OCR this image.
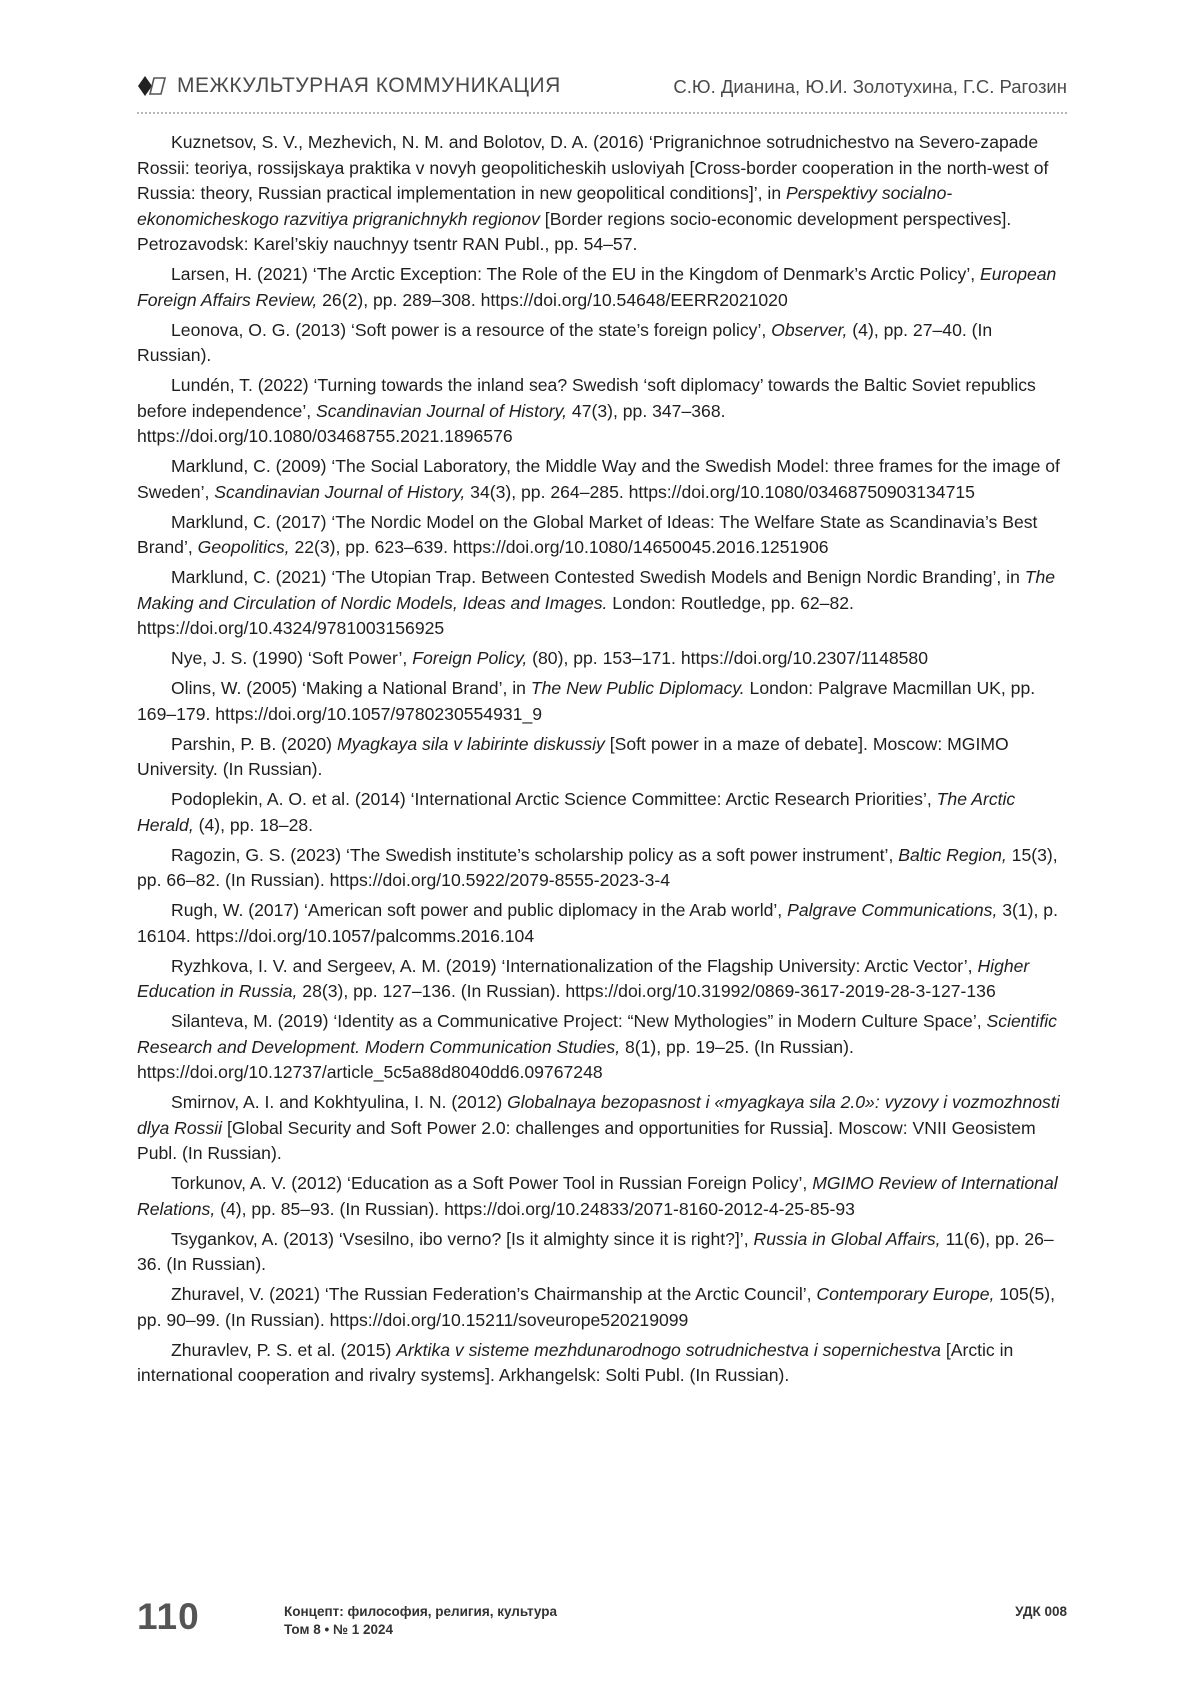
МЕЖКУЛЬТУРНАЯ КОММУНИКАЦИЯ	С.Ю. Дианина, Ю.И. Золотухина, Г.С. Рагозин

Kuznetsov, S. V., Mezhevich, N. M. and Bolotov, D. A. (2016) ‘Prigranichnoe sotrudnichestvo na Severo-zapade Rossii: teoriya, rossijskaya praktika v novyh geopoliticheskih usloviyah [Cross-border cooperation in the north-west of Russia: theory, Russian practical implementation in new geopolitical conditions]’, in Perspektivy socialno-ekonomicheskogo razvitiya prigranichnykh regionov [Border regions socio-economic development perspectives]. Petrozavodsk: Karel’skiy nauchnyy tsentr RAN Publ., pp. 54–57.

Larsen, H. (2021) ‘The Arctic Exception: The Role of the EU in the Kingdom of Denmark’s Arctic Policy’, European Foreign Affairs Review, 26(2), pp. 289–308. https://doi.org/10.54648/EERR2021020

Leonova, O. G. (2013) ‘Soft power is a resource of the state’s foreign policy’, Observer, (4), pp. 27–40. (In Russian).

Lundén, T. (2022) ‘Turning towards the inland sea? Swedish ‘soft diplomacy’ towards the Baltic Soviet republics before independence’, Scandinavian Journal of History, 47(3), pp. 347–368. https://doi.org/10.1080/03468755.2021.1896576

Marklund, C. (2009) ‘The Social Laboratory, the Middle Way and the Swedish Model: three frames for the image of Sweden’, Scandinavian Journal of History, 34(3), pp. 264–285. https://doi.org/10.1080/03468750903134715

Marklund, C. (2017) ‘The Nordic Model on the Global Market of Ideas: The Welfare State as Scandinavia’s Best Brand’, Geopolitics, 22(3), pp. 623–639. https://doi.org/10.1080/14650045.2016.1251906

Marklund, C. (2021) ‘The Utopian Trap. Between Contested Swedish Models and Benign Nordic Branding’, in The Making and Circulation of Nordic Models, Ideas and Images. London: Routledge, pp. 62–82. https://doi.org/10.4324/9781003156925

Nye, J. S. (1990) ‘Soft Power’, Foreign Policy, (80), pp. 153–171. https://doi.org/10.2307/1148580

Olins, W. (2005) ‘Making a National Brand’, in The New Public Diplomacy. London: Palgrave Macmillan UK, pp. 169–179. https://doi.org/10.1057/9780230554931_9

Parshin, P. B. (2020) Myagkaya sila v labirinte diskussiy [Soft power in a maze of debate]. Moscow: MGIMO University. (In Russian).

Podoplekin, A. O. et al. (2014) ‘International Arctic Science Committee: Arctic Research Priorities’, The Arctic Herald, (4), pp. 18–28.

Ragozin, G. S. (2023) ‘The Swedish institute’s scholarship policy as a soft power instrument’, Baltic Region, 15(3), pp. 66–82. (In Russian). https://doi.org/10.5922/2079-8555-2023-3-4

Rugh, W. (2017) ‘American soft power and public diplomacy in the Arab world’, Palgrave Communications, 3(1), p. 16104. https://doi.org/10.1057/palcomms.2016.104

Ryzhkova, I. V. and Sergeev, A. M. (2019) ‘Internationalization of the Flagship University: Arctic Vector’, Higher Education in Russia, 28(3), pp. 127–136. (In Russian). https://doi.org/10.31992/0869-3617-2019-28-3-127-136

Silanteva, M. (2019) ‘Identity as a Communicative Project: “New Mythologies” in Modern Culture Space’, Scientific Research and Development. Modern Communication Studies, 8(1), pp. 19–25. (In Russian). https://doi.org/10.12737/article_5c5a88d8040dd6.09767248

Smirnov, A. I. and Kokhtyulina, I. N. (2012) Globalnaya bezopasnost i «myagkaya sila 2.0»: vyzovy i vozmozhnosti dlya Rossii [Global Security and Soft Power 2.0: challenges and opportunities for Russia]. Moscow: VNII Geosistem Publ. (In Russian).

Torkunov, A. V. (2012) ‘Education as a Soft Power Tool in Russian Foreign Policy’, MGIMO Review of International Relations, (4), pp. 85–93. (In Russian). https://doi.org/10.24833/2071-8160-2012-4-25-85-93

Tsygankov, A. (2013) ‘Vsesilno, ibo verno? [Is it almighty since it is right?]’, Russia in Global Affairs, 11(6), pp. 26–36. (In Russian).

Zhuravel, V. (2021) ‘The Russian Federation’s Chairmanship at the Arctic Council’, Contemporary Europe, 105(5), pp. 90–99. (In Russian). https://doi.org/10.15211/soveurope520219099

Zhuravlev, P. S. et al. (2015) Arktika v sisteme mezhdunarodnogo sotrudnichestva i sopernichestva [Arctic in international cooperation and rivalry systems]. Arkhangelsk: Solti Publ. (In Russian).

110	Концепт: философия, религия, культура
Том 8 • № 1 2024
УДК 008
